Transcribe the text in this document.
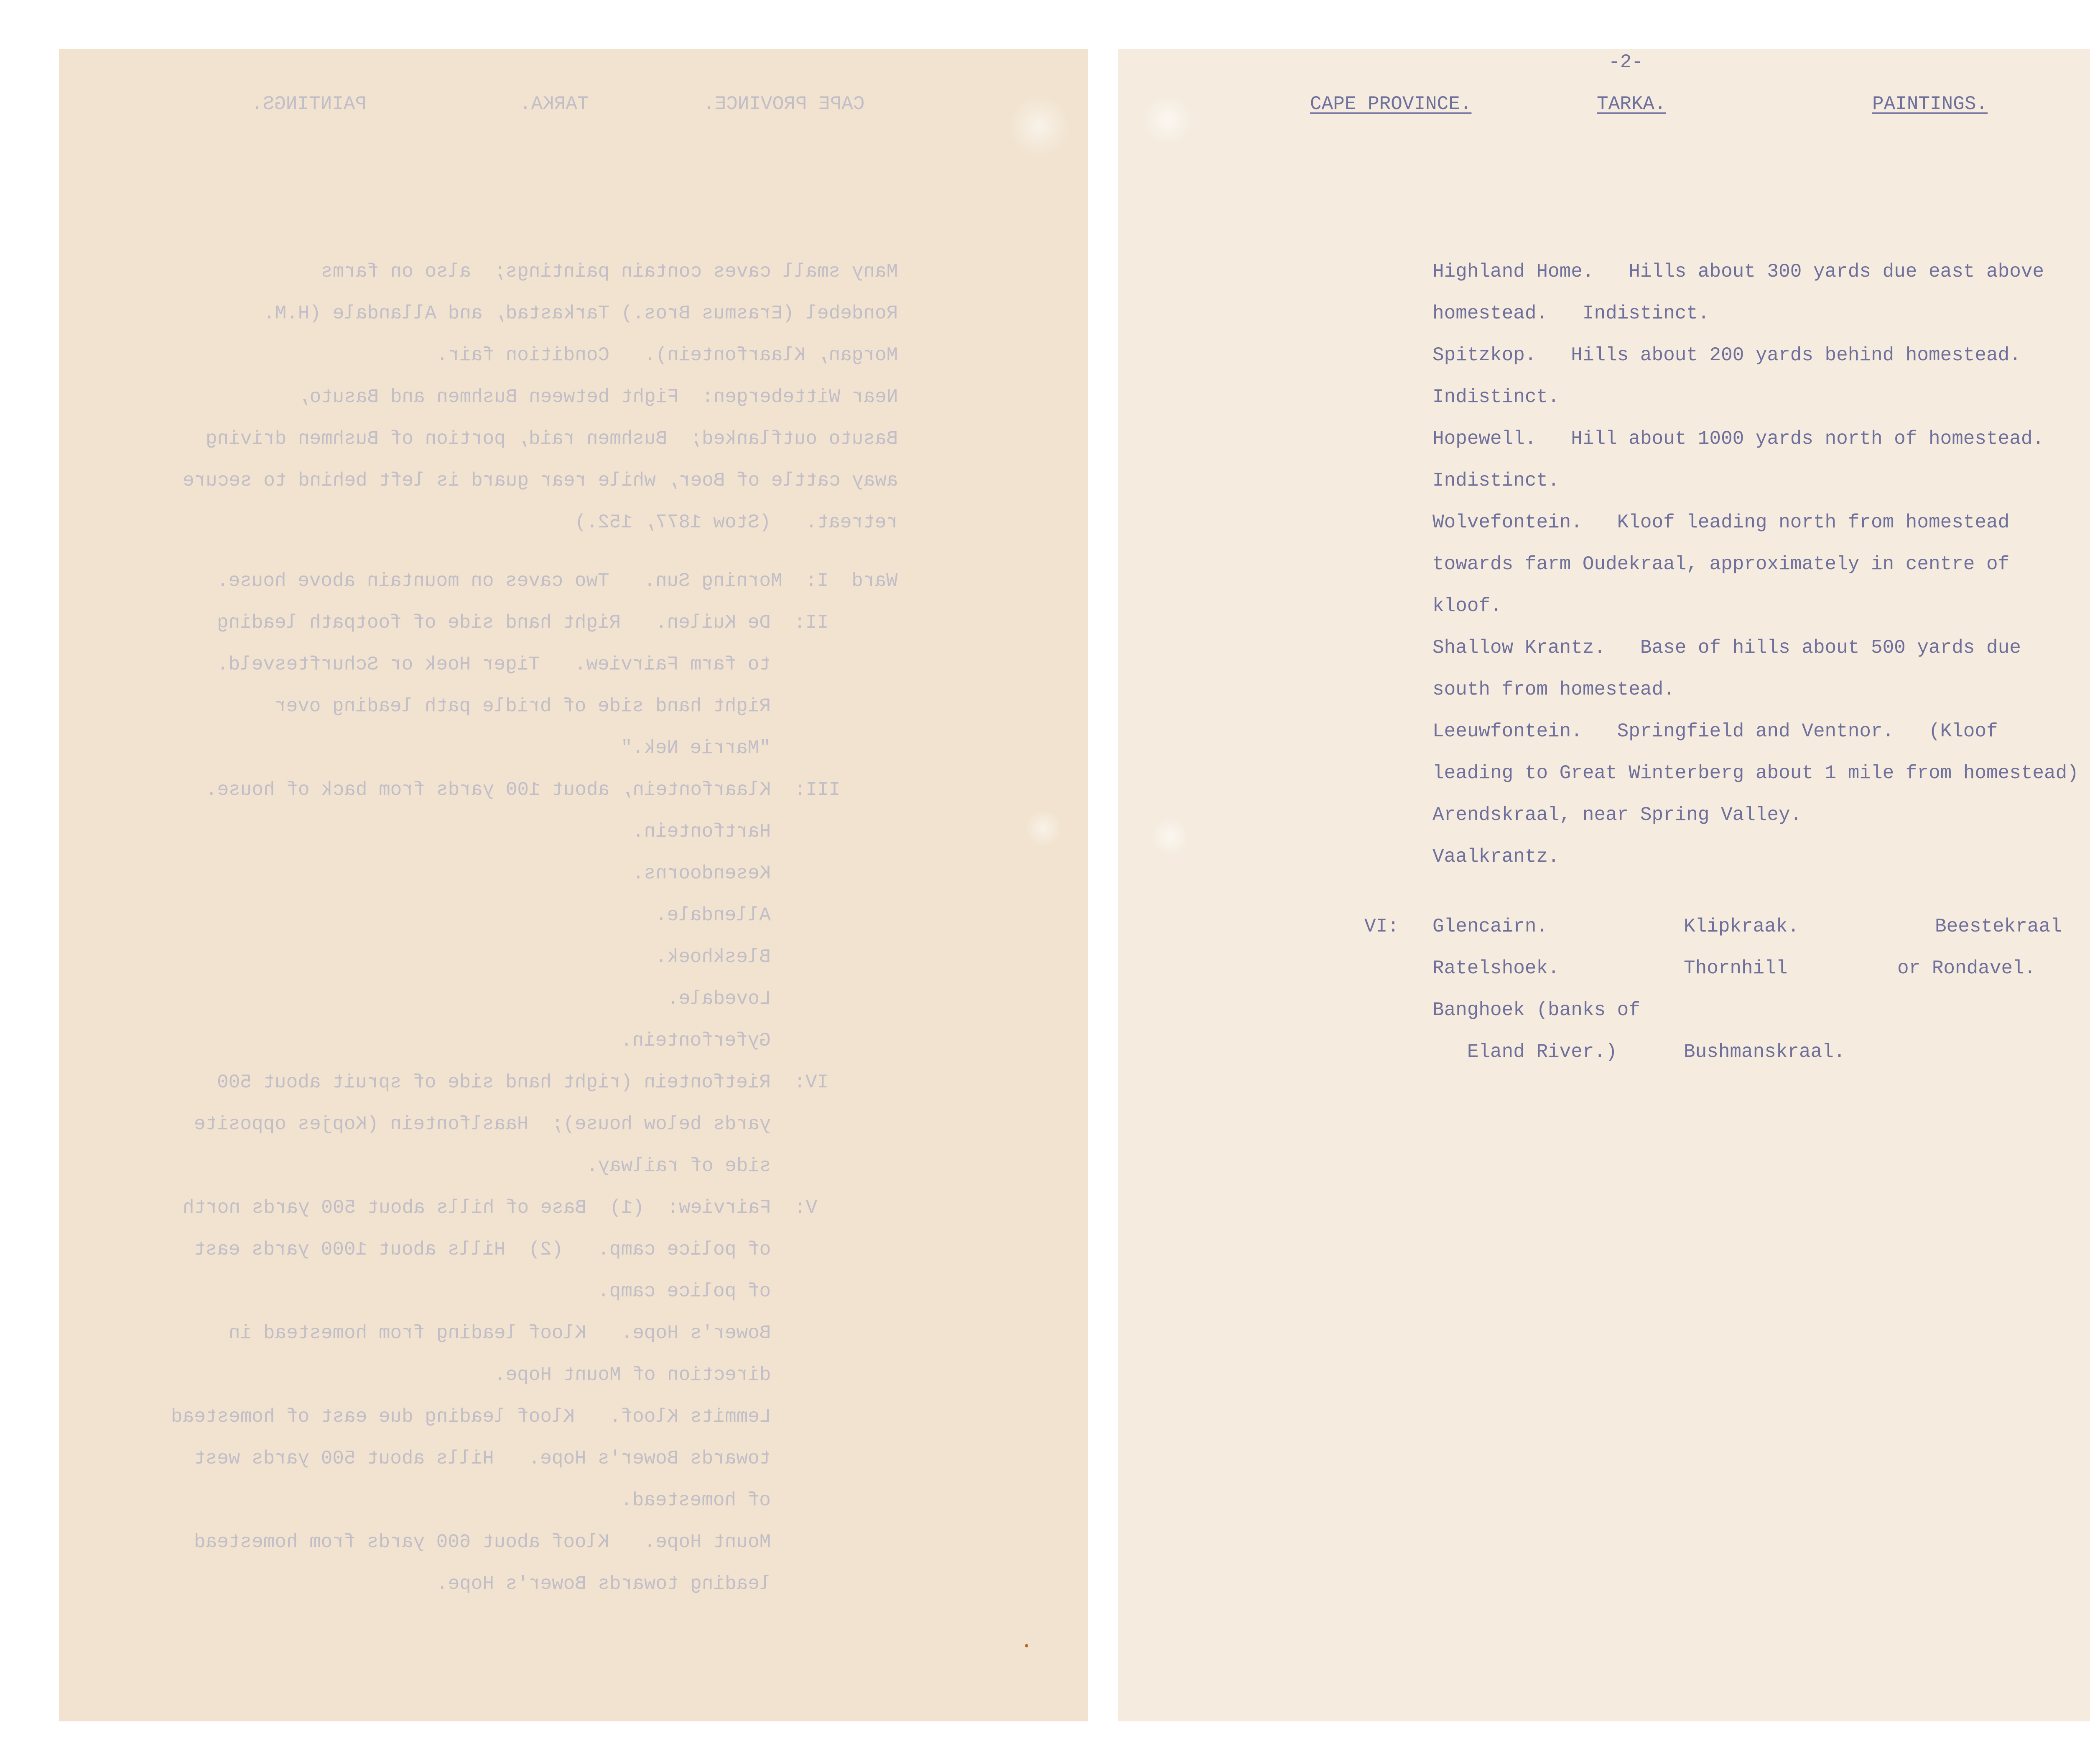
PAINTINGS.	TARKA.	CAPE PROVINCE.
Many small caves contain paintings;  also on farms
Rondebel (Erasmus Bros.) Tarkastad, and Allandale (H.M.
Morgan, Klaarfontein).   Condition fair.
Near Wittebergen:  Fight between Bushmen and Basuto,
Basuto outflanked;  Bushmen raid, portion of Bushmen driving
away cattle of Boer, while rear guard is left behind to secure
retreat.   (Stow 1877, 152.)
Ward  I:  Morning Sun.   Two caves on mountain above house.
II:  De Kuilen.   Right hand side of footpath leading
to farm Fairview.   Tiger Hoek or Schurftesveld.
Right hand side of bridle path leading over
"Marrie Nek."
III:  Klaarfontein, about 100 yards from back of house.
Hartfontein.
Kesendoorns.
Allendale.
Bleskhoek.
Lovedale.
Gyferfontein.
IV:  Rietfontein (right hand side of spruit about 500
yards below house);  Haaslfontein (Kopjes opposite
side of railway.
V:  Fairview:  (1)  Base of hills about 500 yards north
of police camp.   (2)  Hills about 1000 yards east
of police camp.
Bower's Hope.   Kloof leading from homestead in
direction of Mount Hope.
Lemmits Kloof.   Kloof leading due east of homestead
towards Bower's Hope.   Hills about 500 yards west
of homestead.
Mount Hope.   Kloof about 600 yards from homestead
leading towards Bower's Hope.
-2-
CAPE PROVINCE.	TARKA.	PAINTINGS.
Highland Home.   Hills about 300 yards due east above
homestead.   Indistinct.
Spitzkop.   Hills about 200 yards behind homestead.
Indistinct.
Hopewell.   Hill about 1000 yards north of homestead.
Indistinct.
Wolvefontein.   Kloof leading north from homestead
towards farm Oudekraal, approximately in centre of
kloof.
Shallow Krantz.   Base of hills about 500 yards due
south from homestead.
Leeuwfontein.   Springfield and Ventnor.   (Kloof
leading to Great Winterberg about 1 mile from homestead)
Arendskraal, near Spring Valley.
Vaalkrantz.
VI: Glencairn.	Klipkraak.	Beestekraal
Ratelshoek.	Thornhill	or Rondavel.
Banghoek (banks of
Eland River.)	Bushmanskraal.
